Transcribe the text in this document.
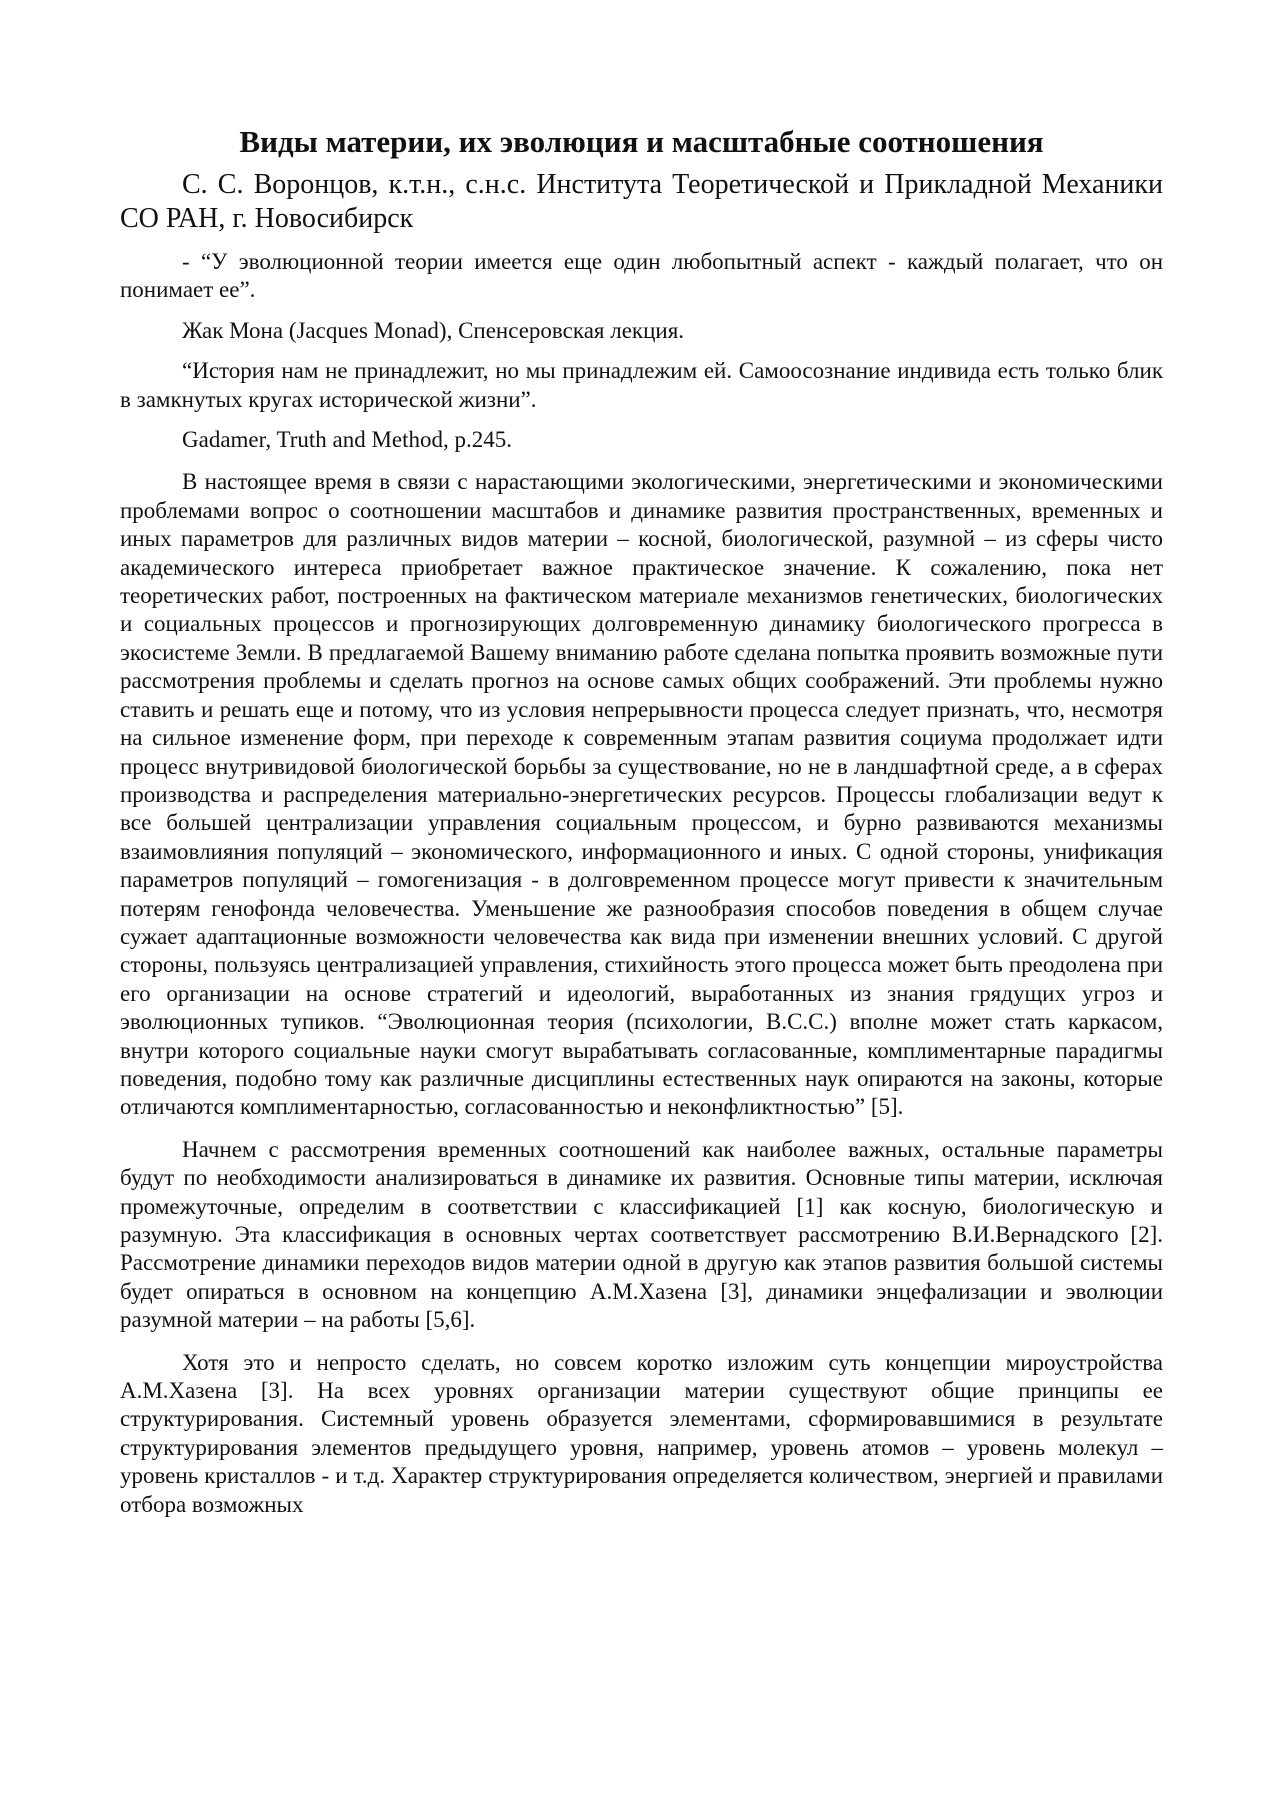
Виды материи, их эволюция и масштабные соотношения

С. С. Воронцов, к.т.н., с.н.с. Института Теоретической и Прикладной Механики СО РАН, г. Новосибирск

- “У эволюционной теории имеется еще один любопытный аспект - каждый полагает, что он понимает ее”.

Жак Мона (Jacques Monad), Спенсеровская лекция.

“История нам не принадлежит, но мы принадлежим ей. Самоосознание индивида есть только блик в замкнутых кругах исторической жизни”.

Gadamer, Truth and Method, p.245.

В настоящее время в связи с нарастающими экологическими, энергетическими и экономическими проблемами вопрос о соотношении масштабов и динамике развития пространственных, временных и иных параметров для различных видов материи – косной, биологической, разумной – из сферы чисто академического интереса приобретает важное практическое значение. К сожалению, пока нет теоретических работ, построенных на фактическом материале механизмов генетических, биологических и социальных процессов и прогнозирующих долговременную динамику биологического прогресса в экосистеме Земли. В предлагаемой Вашему вниманию работе сделана попытка проявить возможные пути рассмотрения проблемы и сделать прогноз на основе самых общих соображений. Эти проблемы нужно ставить и решать еще и потому, что из условия непрерывности процесса следует признать, что, несмотря на сильное изменение форм, при переходе к современным этапам развития социума продолжает идти процесс внутривидовой биологической борьбы за существование, но не в ландшафтной среде, а в сферах производства и распределения материально-энергетических ресурсов. Процессы глобализации ведут к все большей централизации управления социальным процессом, и бурно развиваются механизмы взаимовлияния популяций – экономического, информационного и иных. С одной стороны, унификация параметров популяций – гомогенизация - в долговременном процессе могут привести к значительным потерям генофонда человечества. Уменьшение же разнообразия способов поведения в общем случае сужает адаптационные возможности человечества как вида при изменении внешних условий. С другой стороны, пользуясь централизацией управления, стихийность этого процесса может быть преодолена при его организации на основе стратегий и идеологий, выработанных из знания грядущих угроз и эволюционных тупиков. “Эволюционная теория (психологии, В.С.С.) вполне может стать каркасом, внутри которого социальные науки смогут вырабатывать согласованные, комплиментарные парадигмы поведения, подобно тому как различные дисциплины естественных наук опираются на законы, которые отличаются комплиментарностью, согласованностью и неконфликтностью” [5].

Начнем с рассмотрения временных соотношений как наиболее важных, остальные параметры будут по необходимости анализироваться в динамике их развития. Основные типы материи, исключая промежуточные, определим в соответствии с классификацией [1] как косную, биологическую и разумную. Эта классификация в основных чертах соответствует рассмотрению В.И.Вернадского [2]. Рассмотрение динамики переходов видов материи одной в другую как этапов развития большой системы будет опираться в основном на концепцию А.М.Хазена [3], динамики энцефализации и эволюции разумной материи – на работы [5,6].

Хотя это и непросто сделать, но совсем коротко изложим суть концепции мироустройства А.М.Хазена [3]. На всех уровнях организации материи существуют общие принципы ее структурирования. Системный уровень образуется элементами, сформировавшимися в результате структурирования элементов предыдущего уровня, например, уровень атомов – уровень молекул – уровень кристаллов - и т.д. Характер структурирования определяется количеством, энергией и правилами отбора возможных
